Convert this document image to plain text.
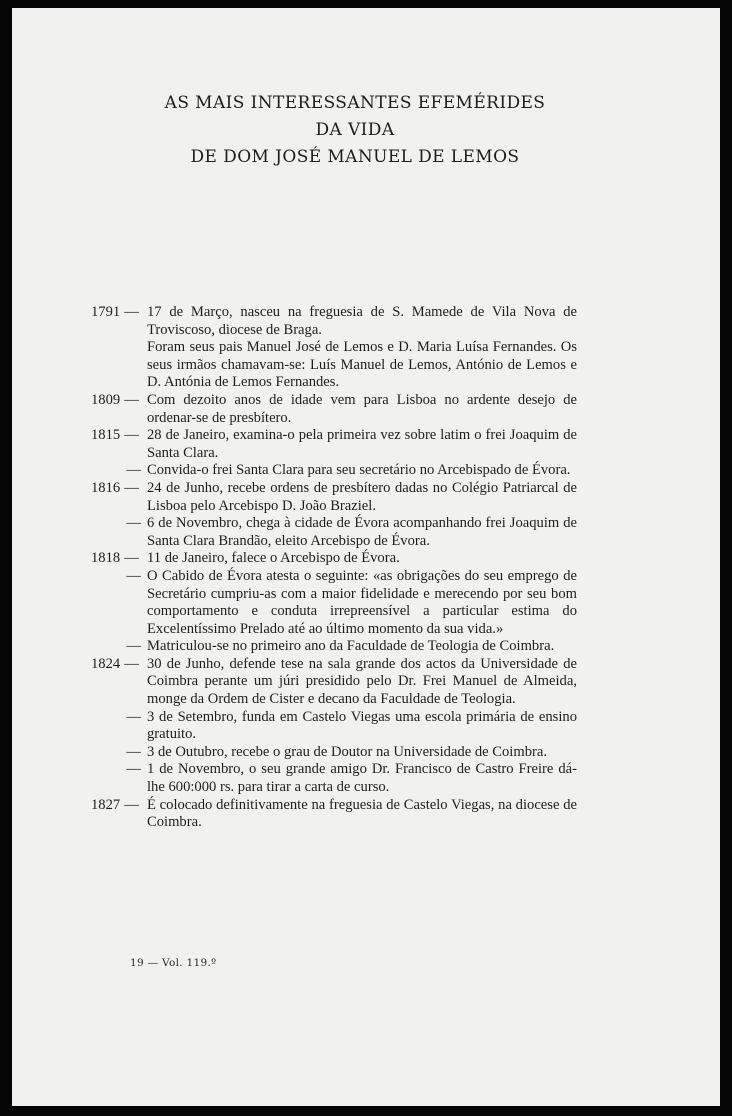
AS MAIS INTERESSANTES EFEMÉRIDES
DA VIDA
DE DOM JOSÉ MANUEL DE LEMOS
1791 — 17 de Março, nasceu na freguesia de S. Mamede de Vila Nova de Troviscoso, diocese de Braga.
Foram seus pais Manuel José de Lemos e D. Maria Luísa Fernandes. Os seus irmãos chamavam-se: Luís Manuel de Lemos, António de Lemos e D. Antónia de Lemos Fernandes.
1809 — Com dezoito anos de idade vem para Lisboa no ardente desejo de ordenar-se de presbítero.
1815 — 28 de Janeiro, examina-o pela primeira vez sobre latim o frei Joaquim de Santa Clara.
— Convida-o frei Santa Clara para seu secretário no Arcebispado de Évora.
1816 — 24 de Junho, recebe ordens de presbítero dadas no Colégio Patriarcal de Lisboa pelo Arcebispo D. João Braziel.
— 6 de Novembro, chega à cidade de Évora acompanhando frei Joaquim de Santa Clara Brandão, eleito Arcebispo de Évora.
1818 — 11 de Janeiro, falece o Arcebispo de Évora.
— O Cabido de Évora atesta o seguinte: «as obrigações do seu emprego de Secretário cumpriu-as com a maior fidelidade e merecendo por seu bom comportamento e conduta irrepreensível a particular estima do Excelentíssimo Prelado até ao último momento da sua vida.»
— Matriculou-se no primeiro ano da Faculdade de Teologia de Coimbra.
1824 — 30 de Junho, defende tese na sala grande dos actos da Universidade de Coimbra perante um júri presidido pelo Dr. Frei Manuel de Almeida, monge da Ordem de Cister e decano da Faculdade de Teologia.
— 3 de Setembro, funda em Castelo Viegas uma escola primária de ensino gratuito.
— 3 de Outubro, recebe o grau de Doutor na Universidade de Coimbra.
— 1 de Novembro, o seu grande amigo Dr. Francisco de Castro Freire dá-lhe 600:000 rs. para tirar a carta de curso.
1827 — É colocado definitivamente na freguesia de Castelo Viegas, na diocese de Coimbra.
19 — Vol. 119.º
